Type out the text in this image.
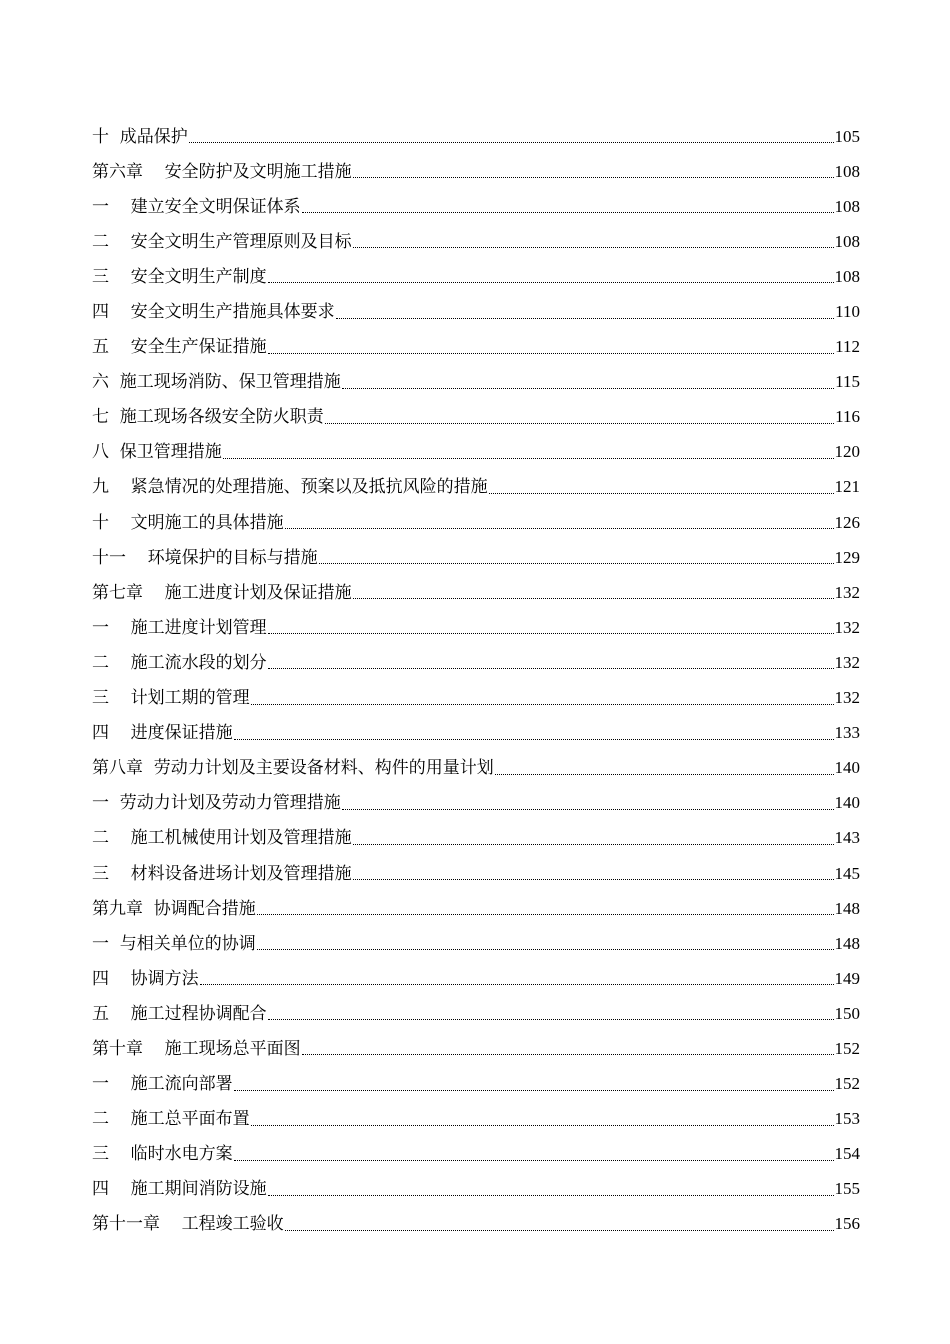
十  成品保护	105
第六章    安全防护及文明施工措施	108
一    建立安全文明保证体系	108
二    安全文明生产管理原则及目标	108
三    安全文明生产制度	108
四    安全文明生产措施具体要求	110
五    安全生产保证措施	112
六  施工现场消防、保卫管理措施	115
七  施工现场各级安全防火职责	116
八  保卫管理措施	120
九    紧急情况的处理措施、预案以及抵抗风险的措施	121
十    文明施工的具体措施	126
十一    环境保护的目标与措施	129
第七章    施工进度计划及保证措施	132
一    施工进度计划管理	132
二    施工流水段的划分	132
三    计划工期的管理	132
四    进度保证措施	133
第八章  劳动力计划及主要设备材料、构件的用量计划	140
一  劳动力计划及劳动力管理措施	140
二    施工机械使用计划及管理措施	143
三    材料设备进场计划及管理措施	145
第九章  协调配合措施	148
一  与相关单位的协调	148
四    协调方法	149
五    施工过程协调配合	150
第十章    施工现场总平面图	152
一    施工流向部署	152
二    施工总平面布置	153
三    临时水电方案	154
四    施工期间消防设施	155
第十一章    工程竣工验收	156
